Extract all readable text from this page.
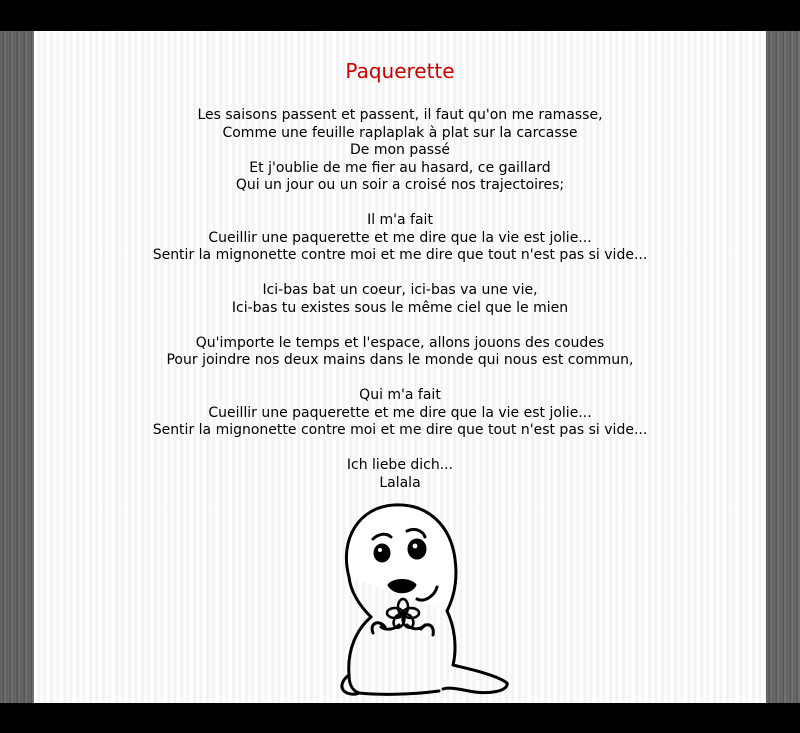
Paquerette
Les saisons passent et passent, il faut qu'on me ramasse,
Comme une feuille raplaplak à plat sur la carcasse
De mon passé
Et j'oublie de me fier au hasard, ce gaillard
Qui un jour ou un soir a croisé nos trajectoires;
Il m'a fait
Cueillir une paquerette et me dire que la vie est jolie...
Sentir la mignonette contre moi et me dire que tout n'est pas si vide...
Ici-bas bat un coeur, ici-bas va une vie,
Ici-bas tu existes sous le même ciel que le mien
Qu'importe le temps et l'espace, allons jouons des coudes
Pour joindre nos deux mains dans le monde qui nous est commun,
Qui m'a fait
Cueillir une paquerette et me dire que la vie est jolie...
Sentir la mignonette contre moi et me dire que tout n'est pas si vide...
Ich liebe dich...
Lalala
